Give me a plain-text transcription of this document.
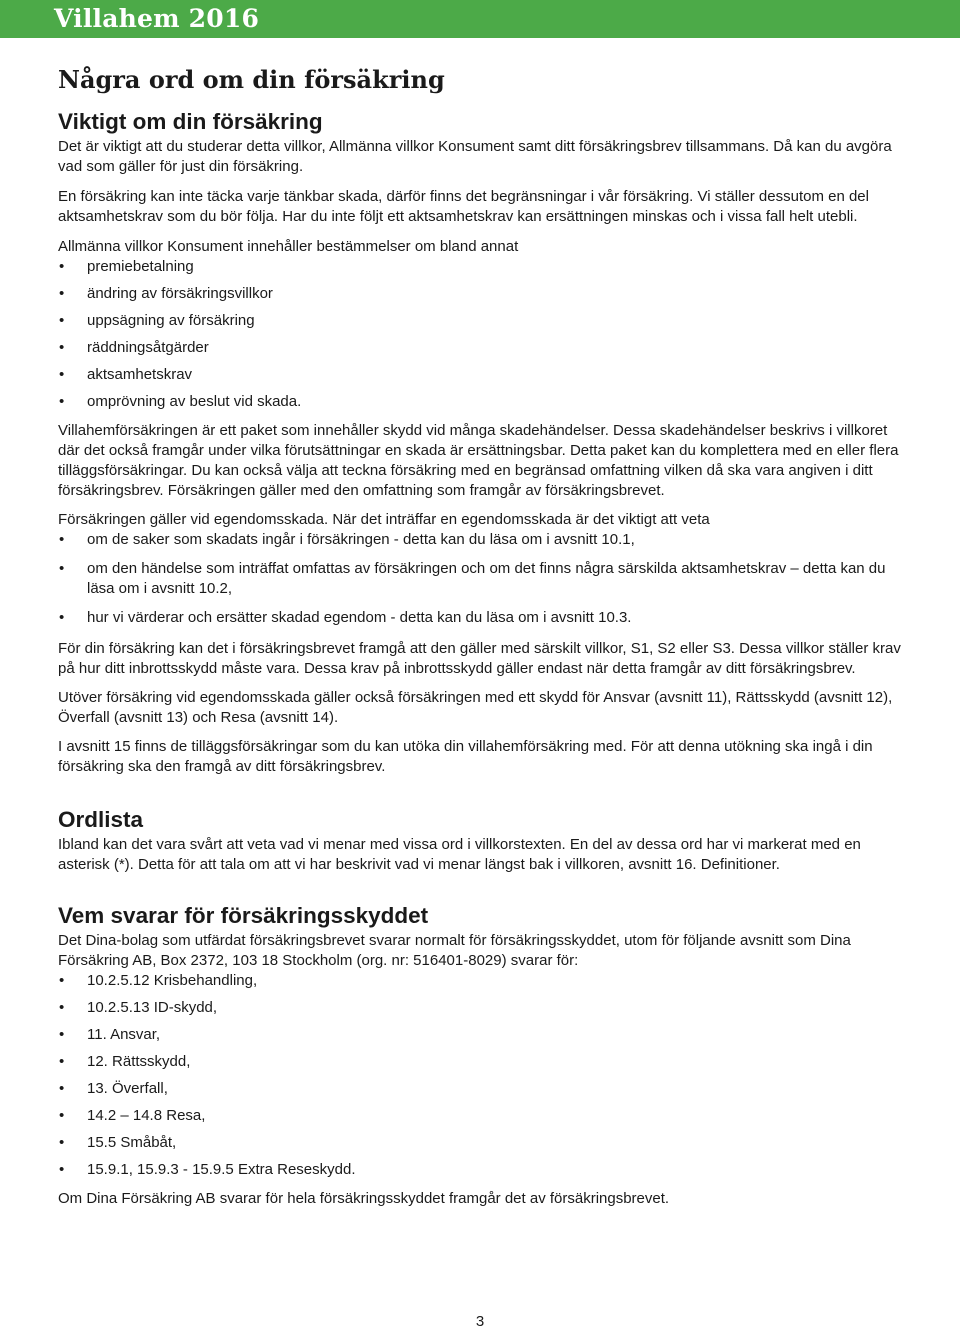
Villahem 2016
Några ord om din försäkring
Viktigt om din försäkring

Det är viktigt att du studerar detta villkor, Allmänna villkor Konsument samt ditt försäkringsbrev tillsammans. Då kan du avgöra vad som gäller för just din försäkring.

En försäkring kan inte täcka varje tänkbar skada, därför finns det begränsningar i vår försäkring. Vi ställer dessutom en del aktsamhetskrav som du bör följa. Har du inte följt ett aktsamhetskrav kan ersättningen minskas och i vissa fall helt utebli.

Allmänna villkor Konsument innehåller bestämmelser om bland annat

• premiebetalning
• ändring av försäkringsvillkor
• uppsägning av försäkring
• räddningsåtgärder
• aktsamhetskrav
• omprövning av beslut vid skada.

Villahemförsäkringen är ett paket som innehåller skydd vid många skadehändelser. Dessa skadehändelser beskrivs i villkoret där det också framgår under vilka förutsättningar en skada är ersättningsbar. Detta paket kan du komplettera med en eller flera tilläggsförsäkringar. Du kan också välja att teckna försäkring med en begränsad omfattning vilken då ska vara angiven i ditt försäkringsbrev. Försäkringen gäller med den omfattning som framgår av försäkringsbrevet.

Försäkringen gäller vid egendomsskada. När det inträffar en egendomsskada är det viktigt att veta

• om de saker som skadats ingår i försäkringen - detta kan du läsa om i avsnitt 10.1,
• om den händelse som inträffat omfattas av försäkringen och om det finns några särskilda aktsamhetskrav – detta kan du läsa om i avsnitt 10.2,
• hur vi värderar och ersätter skadad egendom - detta kan du läsa om i avsnitt 10.3.

För din försäkring kan det i försäkringsbrevet framgå att den gäller med särskilt villkor, S1, S2 eller S3. Dessa villkor ställer krav på hur ditt inbrottsskydd måste vara. Dessa krav på inbrottsskydd gäller endast när detta framgår av ditt försäkringsbrev.

Utöver försäkring vid egendomsskada gäller också försäkringen med ett skydd för Ansvar (avsnitt 11), Rättsskydd (avsnitt 12), Överfall (avsnitt 13) och Resa (avsnitt 14).

I avsnitt 15 finns de tilläggsförsäkringar som du kan utöka din villahemförsäkring med. För att denna utökning ska ingå i din försäkring ska den framgå av ditt försäkringsbrev.

Ordlista

Ibland kan det vara svårt att veta vad vi menar med vissa ord i villkorstexten. En del av dessa ord har vi markerat med en asterisk (*). Detta för att tala om att vi har beskrivit vad vi menar längst bak i villkoren, avsnitt 16. Definitioner.

Vem svarar för försäkringsskyddet

Det Dina-bolag som utfärdat försäkringsbrevet svarar normalt för försäkringsskyddet, utom för följande avsnitt som Dina Försäkring AB, Box 2372, 103 18 Stockholm (org. nr: 516401-8029) svarar för:

• 10.2.5.12 Krisbehandling,
• 10.2.5.13 ID-skydd,
• 11. Ansvar,
• 12. Rättsskydd,
• 13. Överfall,
• 14.2 – 14.8 Resa,
• 15.5 Småbåt,
• 15.9.1, 15.9.3 - 15.9.5 Extra Reseskydd.

Om Dina Försäkring AB svarar för hela försäkringsskyddet framgår det av försäkringsbrevet.

3
